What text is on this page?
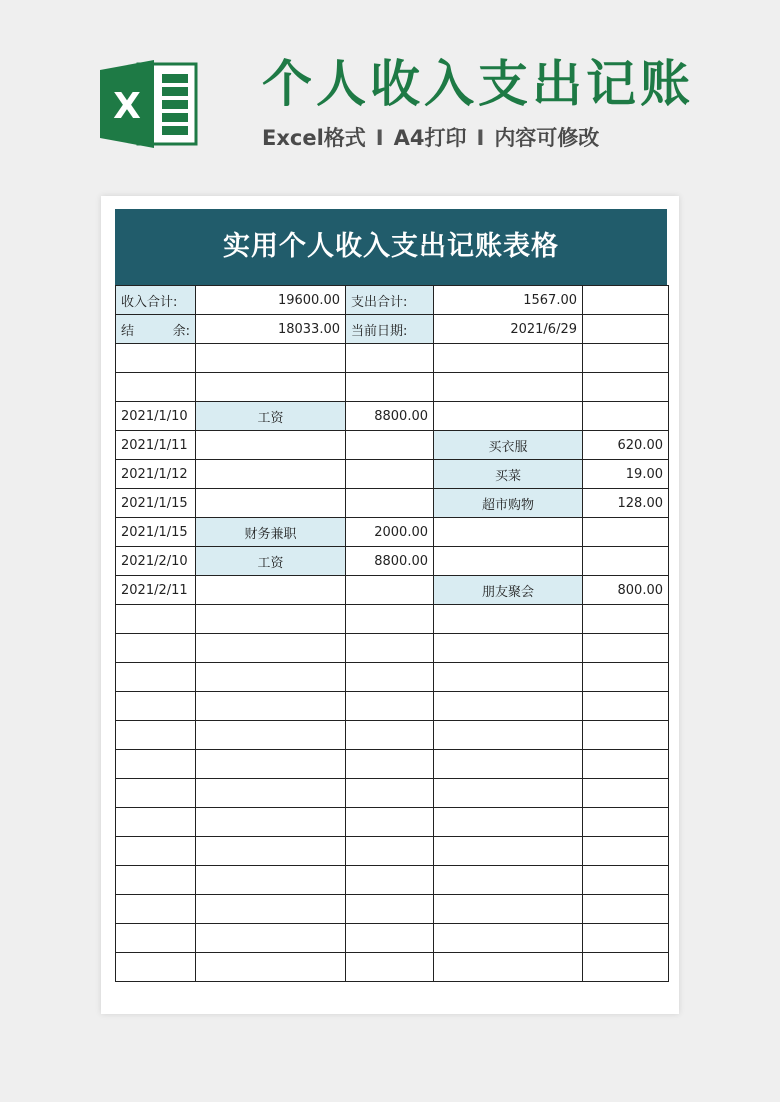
X 个人收入支出记账
Excel格式 I A4打印 I 内容可修改
实用个人收入支出记账表格
收入合计:	19600.00	支出合计:	1567.00	

结 余:	18033.00	当前日期:	2021/6/29	

2021/1/10	工资	8800.00		
2021/1/11			买衣服	620.00
2021/1/12			买菜	19.00
2021/1/15			超市购物	128.00
2021/1/15	财务兼职	2000.00		
2021/2/10	工资	8800.00		
2021/2/11			朋友聚会	800.00
